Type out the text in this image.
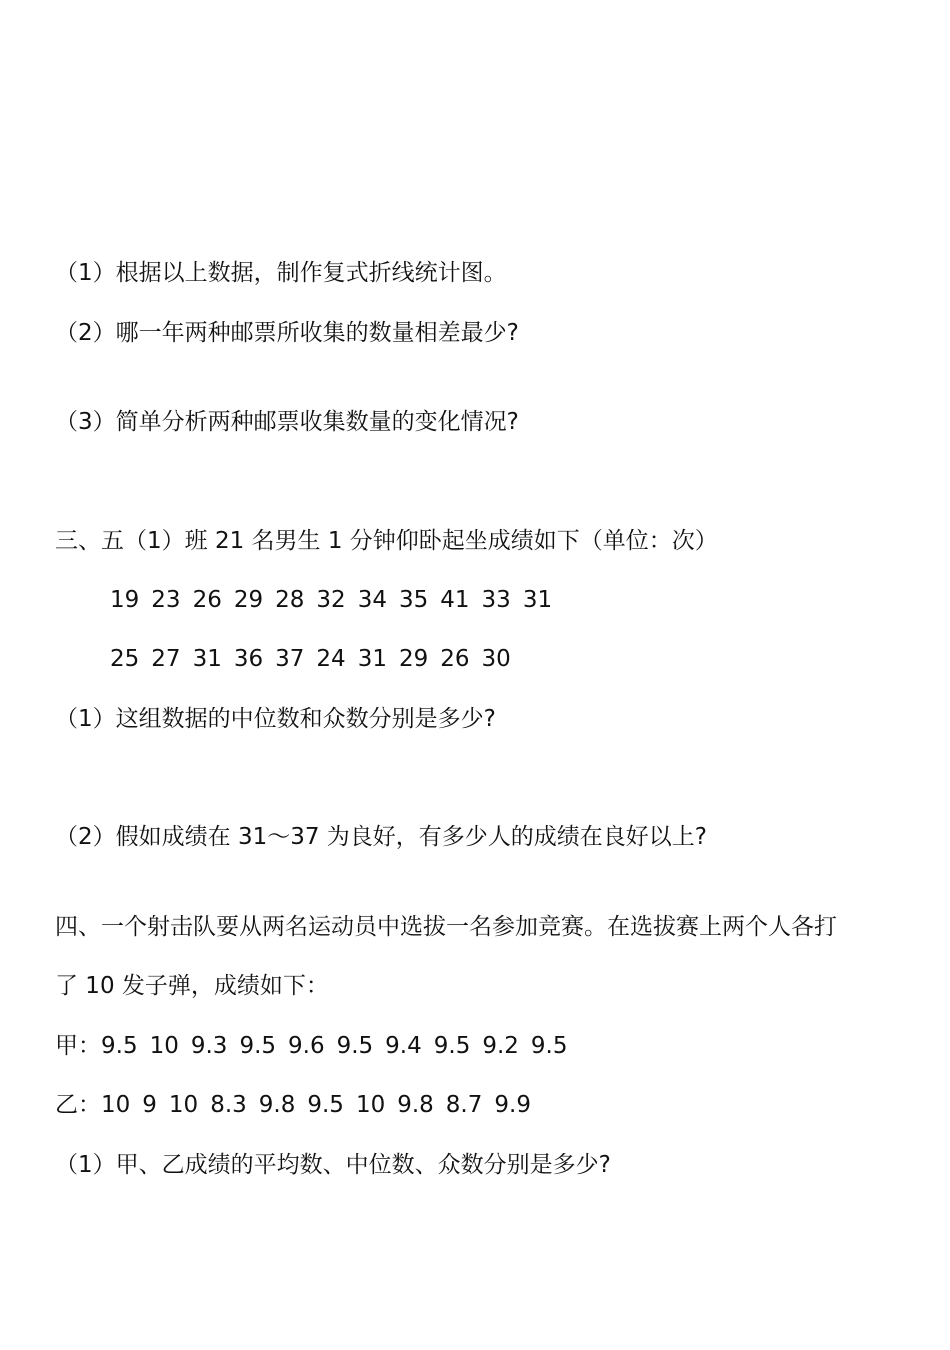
（1）根据以上数据，制作复式折线统计图。

（2）哪一年两种邮票所收集的数量相差最少?

（3）简单分析两种邮票收集数量的变化情况?

三、五（1）班 21 名男生 1 分钟仰卧起坐成绩如下（单位：次）

19 23 26 29 28 32 34 35 41 33 31

25 27 31 36 37 24 31 29 26 30

（1）这组数据的中位数和众数分别是多少?

（2）假如成绩在 31～37 为良好，有多少人的成绩在良好以上?

四、一个射击队要从两名运动员中选拔一名参加竞赛。在选拔赛上两个人各打

了 10 发子弹，成绩如下：

甲：9.5 10 9.3 9.5 9.6 9.5 9.4 9.5 9.2 9.5

乙：10 9 10 8.3 9.8 9.5 10 9.8 8.7 9.9

（1）甲、乙成绩的平均数、中位数、众数分别是多少?
